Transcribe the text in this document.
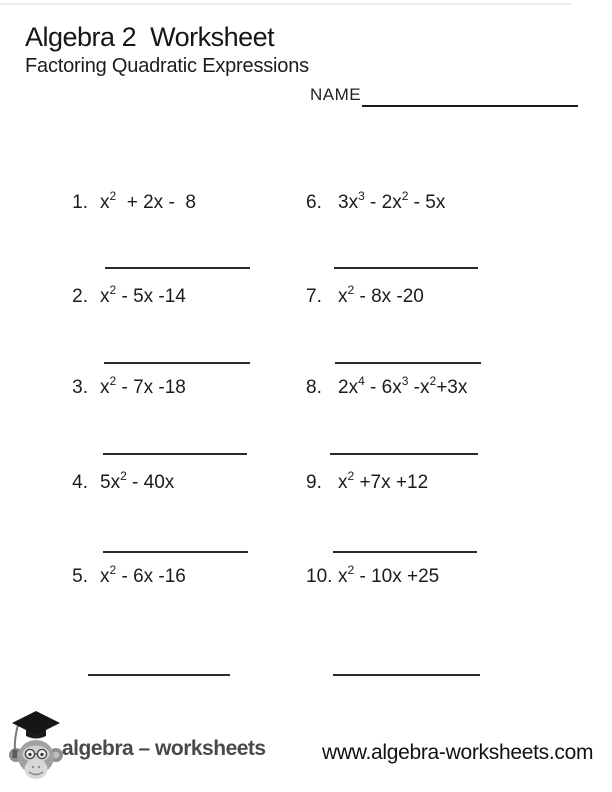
Algebra 2  Worksheet
Factoring Quadratic Expressions
NAME
1. $x^2 + 2x - 8$
2. $x^2 - 5x$ -14
3. $x^2 - 7x$ -18
4. $5x^2 - 40x$
5. $x^2 - 6x$ -16
6. $3x^3 - 2x^2 - 5x$
7. $x^2 - 8x$ -20
8. $2x^4 - 6x^3$ $-x^2+3x$
9. $x^2 +7x +12$
10. $x^2 - 10x +25$
algebra – worksheets	www.algebra-worksheets.com
